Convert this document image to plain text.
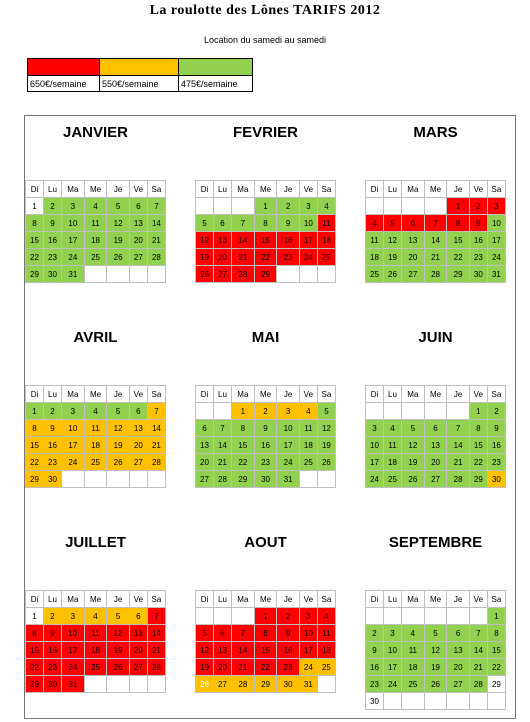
La roulotte des Lônes TARIFS 2012
Location du samedi au samedi

650€/semaine	550€/semaine	475€/semaine
JANVIER
Di	Lu	Ma	Me	Je	Ve	Sa
1	2	3	4	5	6	7
8	9	10	11	12	13	14
15	16	17	18	19	20	21
22	23	24	25	26	27	28
29	30	31				
FEVRIER
Di	Lu	Ma	Me	Je	Ve	Sa
			1	2	3	4
5	6	7	8	9	10	11
12	13	14	15	16	17	18
19	20	21	22	23	24	25
26	27	28	29			
MARS
Di	Lu	Ma	Me	Je	Ve	Sa
				1	2	3
4	5	6	7	8	9	10
11	12	13	14	15	16	17
18	19	20	21	22	23	24
25	26	27	28	29	30	31
AVRIL
Di	Lu	Ma	Me	Je	Ve	Sa
1	2	3	4	5	6	7
8	9	10	11	12	13	14
15	16	17	18	19	20	21
22	23	24	25	26	27	28
29	30					
MAI
Di	Lu	Ma	Me	Je	Ve	Sa
		1	2	3	4	5
6	7	8	9	10	11	12
13	14	15	16	17	18	19
20	21	22	23	24	25	26
27	28	29	30	31		
JUIN
Di	Lu	Ma	Me	Je	Ve	Sa
					1	2
3	4	5	6	7	8	9
10	11	12	13	14	15	16
17	18	19	20	21	22	23
24	25	26	27	28	29	30
JUILLET
Di	Lu	Ma	Me	Je	Ve	Sa
1	2	3	4	5	6	7
8	9	10	11	12	13	14
15	16	17	18	19	20	21
22	23	24	25	26	27	28
29	30	31				
AOUT
Di	Lu	Ma	Me	Je	Ve	Sa
			1	2	3	4
5	6	7	8	9	10	11
12	13	14	15	16	17	18
19	20	21	22	23	24	25
26	27	28	29	30	31	
SEPTEMBRE
Di	Lu	Ma	Me	Je	Ve	Sa
						1
2	3	4	5	6	7	8
9	10	11	12	13	14	15
16	17	18	19	20	21	22
23	24	25	26	27	28	29
30						
